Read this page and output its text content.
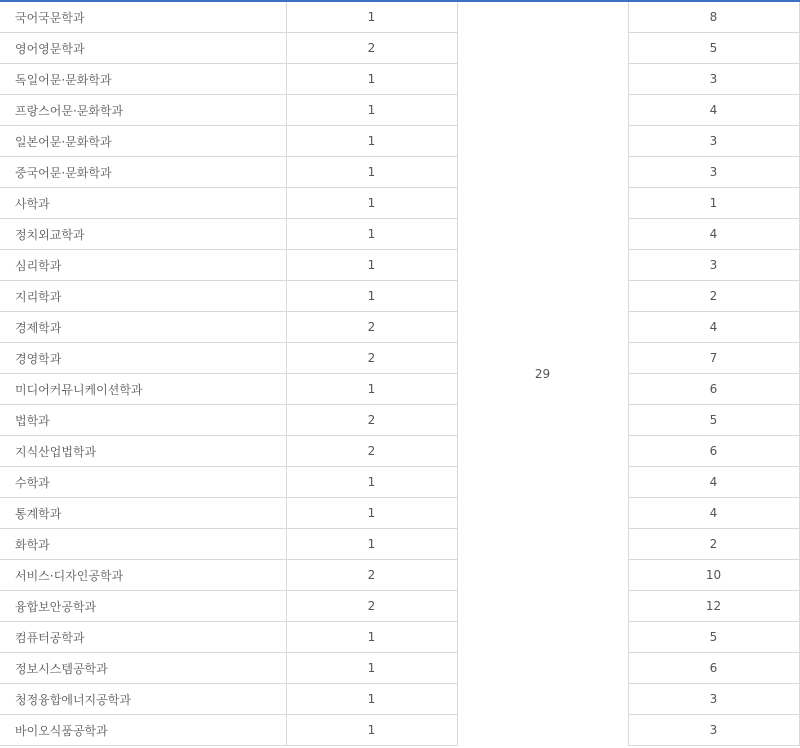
국어국문학과	1	29	8
영어영문학과	2		5
독일어문·문화학과	1		3
프랑스어문·문화학과	1		4
일본어문·문화학과	1		3
중국어문·문화학과	1		3
사학과	1		1
정치외교학과	1		4
심리학과	1		3
지리학과	1		2
경제학과	2		4
경영학과	2		7
미디어커뮤니케이션학과	1		6
법학과	2		5
지식산업법학과	2		6
수학과	1		4
통계학과	1		4
화학과	1		2
서비스·디자인공학과	2		10
융합보안공학과	2		12
컴퓨터공학과	1		5
정보시스템공학과	1		6
청정융합에너지공학과	1		3
바이오식품공학과	1		3
